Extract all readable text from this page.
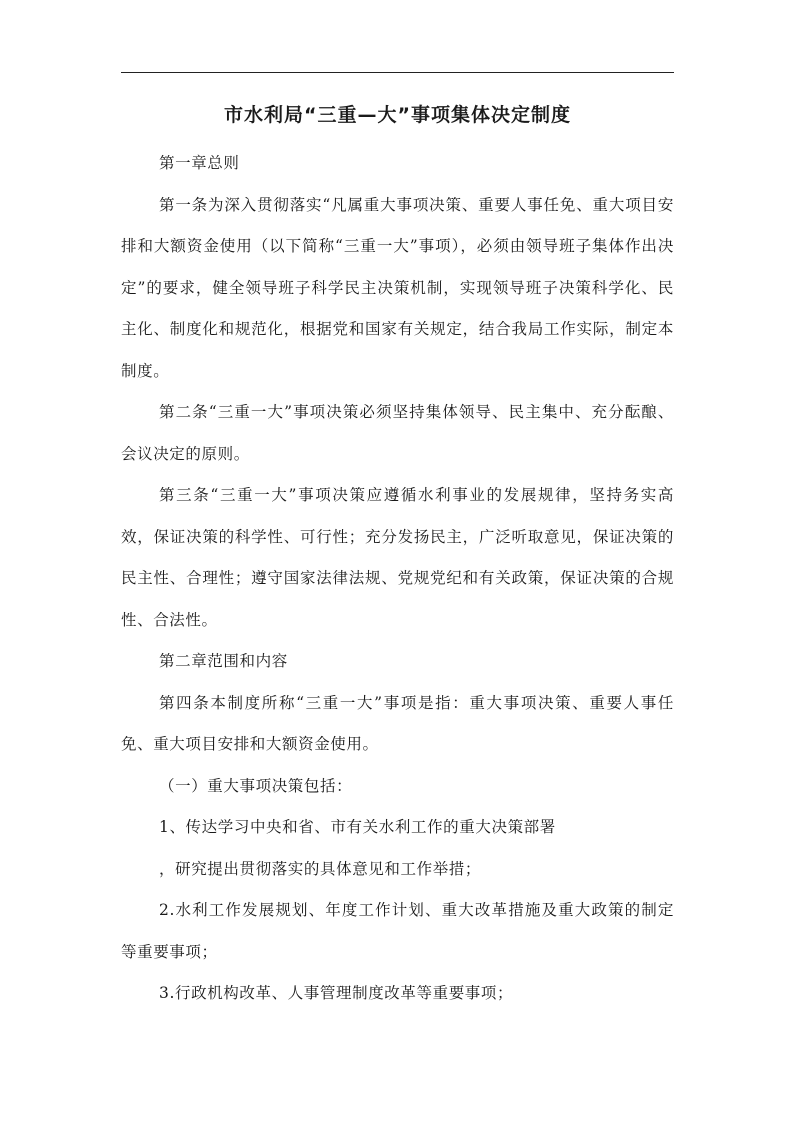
市水利局“三重—大”事项集体决定制度

第一章总则

第一条为深入贯彻落实“凡属重大事项决策、重要人事任免、重大项目安排和大额资金使用（以下简称“三重一大”事项），必须由领导班子集体作出决定”的要求，健全领导班子科学民主决策机制，实现领导班子决策科学化、民主化、制度化和规范化，根据党和国家有关规定，结合我局工作实际，制定本制度。

第二条“三重一大”事项决策必须坚持集体领导、民主集中、充分酝酿、会议决定的原则。

第三条“三重一大”事项决策应遵循水利事业的发展规律，坚持务实高效，保证决策的科学性、可行性；充分发扬民主，广泛听取意见，保证决策的民主性、合理性；遵守国家法律法规、党规党纪和有关政策，保证决策的合规性、合法性。

第二章范围和内容

第四条本制度所称“三重一大”事项是指：重大事项决策、重要人事任免、重大项目安排和大额资金使用。

（一）重大事项决策包括：

1、传达学习中央和省、市有关水利工作的重大决策部署

，研究提出贯彻落实的具体意见和工作举措；

2.水利工作发展规划、年度工作计划、重大改革措施及重大政策的制定等重要事项；

3.行政机构改革、人事管理制度改革等重要事项；
